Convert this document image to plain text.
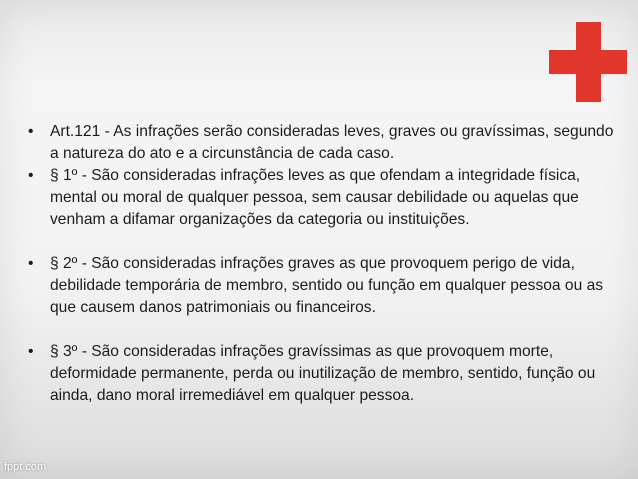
• Art.121 - As infrações serão consideradas leves, graves ou gravíssimas, segundo a natureza do ato e a circunstância de cada caso.
• § 1º - São consideradas infrações leves as que ofendam a integridade física, mental ou moral de qualquer pessoa, sem causar debilidade ou aquelas que venham a difamar organizações da categoria ou instituições.
• § 2º - São consideradas infrações graves as que provoquem perigo de vida, debilidade temporária de membro, sentido ou função em qualquer pessoa ou as que causem danos patrimoniais ou financeiros.
• § 3º - São consideradas infrações gravíssimas as que provoquem morte, deformidade permanente, perda ou inutilização de membro, sentido, função ou ainda, dano moral irremediável em qualquer pessoa.
fppt.com
